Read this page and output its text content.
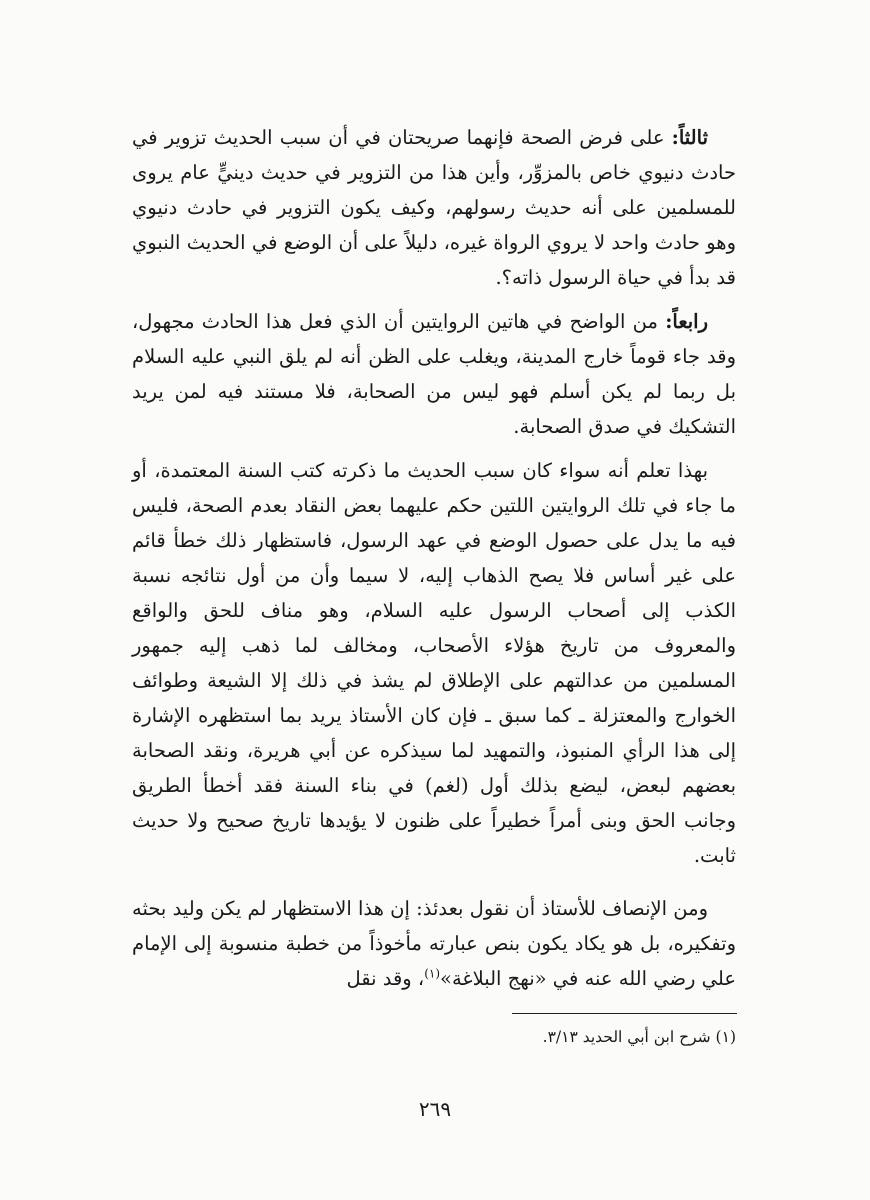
ثالثاً: على فرض الصحة فإنهما صريحتان في أن سبب الحديث تزوير في حادث دنيوي خاص بالمزوِّر، وأين هذا من التزوير في حديث دينيٍّ عام يروى للمسلمين على أنه حديث رسولهم، وكيف يكون التزوير في حادث دنيوي وهو حادث واحد لا يروي الرواة غيره، دليلاً على أن الوضع في الحديث النبوي قد بدأ في حياة الرسول ذاته؟.

رابعاً: من الواضح في هاتين الروايتين أن الذي فعل هذا الحادث مجهول، وقد جاء قوماً خارج المدينة، ويغلب على الظن أنه لم يلق النبي عليه السلام بل ربما لم يكن أسلم فهو ليس من الصحابة، فلا مستند فيه لمن يريد التشكيك في صدق الصحابة.

بهذا تعلم أنه سواء كان سبب الحديث ما ذكرته كتب السنة المعتمدة، أو ما جاء في تلك الروايتين اللتين حكم عليهما بعض النقاد بعدم الصحة، فليس فيه ما يدل على حصول الوضع في عهد الرسول، فاستظهار ذلك خطأ قائم على غير أساس فلا يصح الذهاب إليه، لا سيما وأن من أول نتائجه نسبة الكذب إلى أصحاب الرسول عليه السلام، وهو مناف للحق والواقع والمعروف من تاريخ هؤلاء الأصحاب، ومخالف لما ذهب إليه جمهور المسلمين من عدالتهم على الإطلاق لم يشذ في ذلك إلا الشيعة وطوائف الخوارج والمعتزلة ـ كما سبق ـ فإن كان الأستاذ يريد بما استظهره الإشارة إلى هذا الرأي المنبوذ، والتمهيد لما سيذكره عن أبي هريرة، ونقد الصحابة بعضهم لبعض، ليضع بذلك أول (لغم) في بناء السنة فقد أخطأ الطريق وجانب الحق وبنى أمراً خطيراً على ظنون لا يؤيدها تاريخ صحيح ولا حديث ثابت.

ومن الإنصاف للأستاذ أن نقول بعدئذ: إن هذا الاستظهار لم يكن وليد بحثه وتفكيره، بل هو يكاد يكون بنص عبارته مأخوذاً من خطبة منسوبة إلى الإمام علي رضي الله عنه في «نهج البلاغة»$^{(١)}$، وقد نقل

(١) شرح ابن أبي الحديد ٣/١٣.
٢٦٩
